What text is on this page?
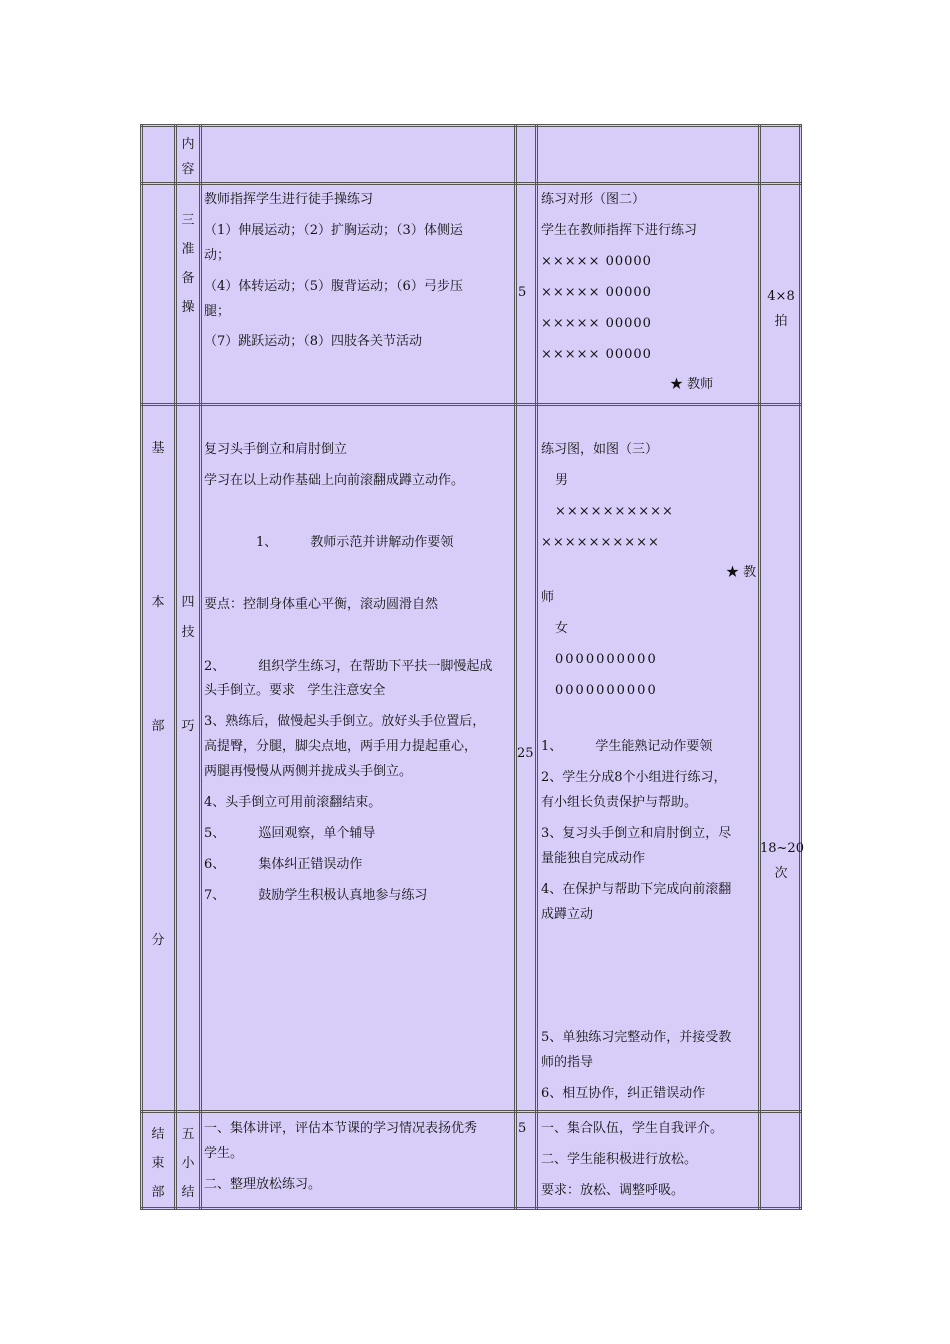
内
容
三
准
备
操
教师指挥学生进行徒手操练习
（1）伸展运动；（2）扩胸运动；（3）体侧运
动；
（4）体转运动；（5）腹背运动；（6）弓步压
腿；
（7）跳跃运动；（8）四肢各关节活动
5
练习对形（图二）
学生在教师指挥下进行练习
××××× 00000
××××× 00000
××××× 00000
××××× 00000
★ 教师
4×8
拍
基
本
部
分
四
技
巧
复习头手倒立和肩肘倒立
学习在以上动作基础上向前滚翻成蹲立动作。
1、        教师示范并讲解动作要领
要点：控制身体重心平衡，滚动圆滑自然
2、        组织学生练习，在帮助下平扶一脚慢起成
头手倒立。要求   学生注意安全
3、熟练后，做慢起头手倒立。放好头手位置后，
高提臀，分腿，脚尖点地，两手用力提起重心，
两腿再慢慢从两侧并拢成头手倒立。
4、头手倒立可用前滚翻结束。
5、        巡回观察，单个辅导
6、        集体纠正错误动作
7、        鼓励学生积极认真地参与练习
25
练习图，如图（三）
男
××××××××××
××××××××××
★ 教
师
女
0000000000
0000000000
1、        学生能熟记动作要领
2、学生分成8个小组进行练习，
有小组长负责保护与帮助。
3、复习头手倒立和肩肘倒立，尽
量能独自完成动作
4、在保护与帮助下完成向前滚翻
成蹲立动
5、单独练习完整动作，并接受教
师的指导
6、相互协作，纠正错误动作
18~20
次
结
束
部
五
小
结
一、集体讲评，评估本节课的学习情况表扬优秀
学生。
二、整理放松练习。
5 一、集合队伍，学生自我评介。
二、学生能积极进行放松。
要求：放松、调整呼吸。
